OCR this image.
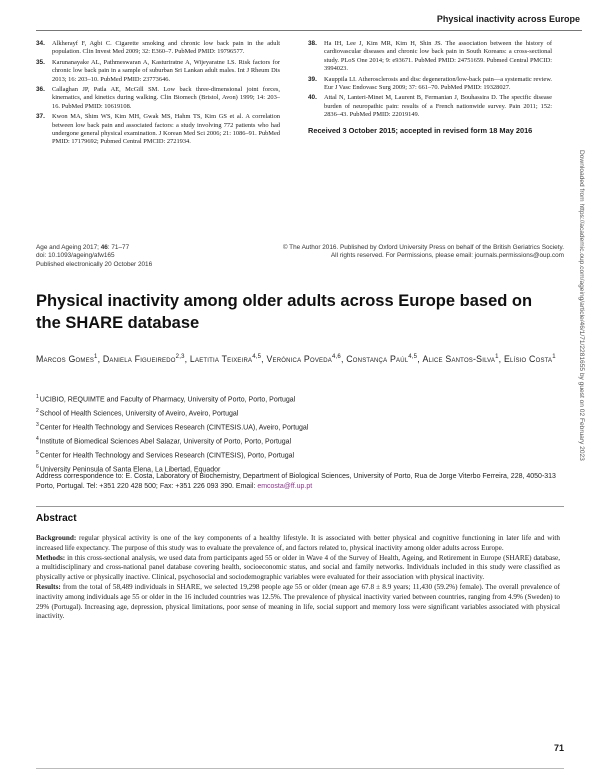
Physical inactivity across Europe
34.	Alkherayf F, Agbi C. Cigarette smoking and chronic low back pain in the adult population. Clin Invest Med 2009; 32: E360–7. PubMed PMID: 19796577.
35.	Karunanayake AL, Pathmeswaran A, Kasturiratne A, Wijeyaratne LS. Risk factors for chronic low back pain in a sample of suburban Sri Lankan adult males. Int J Rheum Dis 2013; 16: 203–10. PubMed PMID: 23773646.
36.	Callaghan JP, Patla AE, McGill SM. Low back three-dimensional joint forces, kinematics, and kinetics during walking. Clin Biomech (Bristol, Avon) 1999; 14: 203–16. PubMed PMID: 10619108.
37.	Kwon MA, Shim WS, Kim MH, Gwak MS, Hahm TS, Kim GS et al. A correlation between low back pain and associated factors: a study involving 772 patients who had undergone general physical examination. J Korean Med Sci 2006; 21: 1086–91. PubMed PMID: 17179692; Pubmed Central PMCID: 2721934.
38.	Ha IH, Lee J, Kim MR, Kim H, Shin JS. The association between the history of cardiovascular diseases and chronic low back pain in South Koreans: a cross-sectional study. PLoS One 2014; 9: e93671. PubMed PMID: 24751659. Pubmed Central PMCID: 3994023.
39.	Kauppila LI. Atherosclerosis and disc degeneration/low-back pain—a systematic review. Eur J Vasc Endovasc Surg 2009; 37: 661–70. PubMed PMID: 19328027.
40.	Attal N, Lanteri-Minet M, Laurent B, Fermanian J, Bouhassira D. The specific disease burden of neuropathic pain: results of a French nationwide survey. Pain 2011; 152: 2836–43. PubMed PMID: 22019149.
Received 3 October 2015; accepted in revised form 18 May 2016
Age and Ageing 2017; 46: 71–77
doi: 10.1093/ageing/afw165
Published electronically 20 October 2016
© The Author 2016. Published by Oxford University Press on behalf of the British Geriatrics Society.
All rights reserved. For Permissions, please email: journals.permissions@oup.com
Physical inactivity among older adults across Europe based on the SHARE database
Marcos Gomes$^1$, Daniela Figueiredo$^{2,3}$, Laetitia Teixeira$^{4,5}$, Verónica Poveda$^{4,6}$, Constança Paúl$^{4,5}$, Alice Santos-Silva$^1$, Elísio Costa$^1$
$^1$UCIBIO, REQUIMTE and Faculty of Pharmacy, University of Porto, Porto, Portugal
$^2$School of Health Sciences, University of Aveiro, Aveiro, Portugal
$^3$Center for Health Technology and Services Research (CINTESIS.UA), Aveiro, Portugal
$^4$Institute of Biomedical Sciences Abel Salazar, University of Porto, Porto, Portugal
$^5$Center for Health Technology and Services Research (CINTESIS), Porto, Portugal
$^6$University Peninsula of Santa Elena, La Libertad, Equador
Address correspondence to: E. Costa, Laboratory of Biochemistry, Department of Biological Sciences, University of Porto, Rua de Jorge Viterbo Ferreira, 228, 4050-313 Porto, Portugal. Tel: +351 220 428 500; Fax: +351 226 093 390. Email: emcosta@ff.up.pt
Abstract

Background: regular physical activity is one of the key components of a healthy lifestyle. It is associated with better physical and cognitive functioning in later life and with increased life expectancy. The purpose of this study was to evaluate the prevalence of, and factors related to, physical inactivity among older adults across Europe.

Methods: in this cross-sectional analysis, we used data from participants aged 55 or older in Wave 4 of the Survey of Health, Ageing, and Retirement in Europe (SHARE) database, a multidisciplinary and cross-national panel database covering health, socioeconomic status, and social and family networks. Individuals included in this study were classified as physically active or physically inactive. Clinical, psychosocial and sociodemographic variables were evaluated for their association with physical inactivity.

Results: from the total of 58,489 individuals in SHARE, we selected 19,298 people age 55 or older (mean age 67.8 ± 8.9 years; 11,430 (59.2%) female). The overall prevalence of inactivity among individuals age 55 or older in the 16 included countries was 12.5%. The prevalence of physical inactivity varied between countries, ranging from 4.9% (Sweden) to 29% (Portugal). Increasing age, depression, physical limitations, poor sense of meaning in life, social support and memory loss were significant variables associated with physical inactivity.

71
Downloaded from https://academic.oup.com/ageing/article/46/1/71/2281655 by guest on 02 February 2023
